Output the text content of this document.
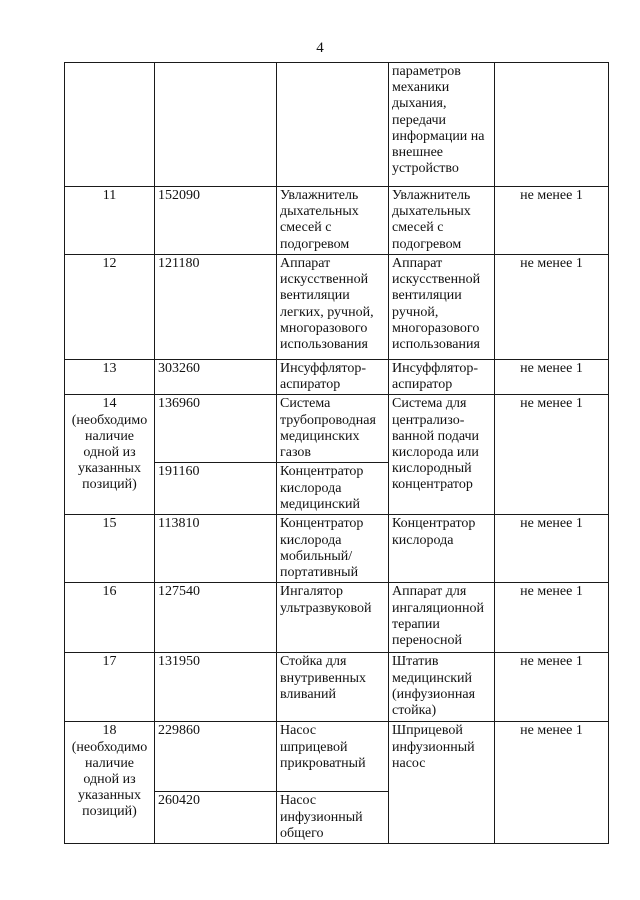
4
			параметров механики дыхания, передачи информации на внешнее устройство	
11	152090	Увлажнитель дыхательных смесей с подогревом	Увлажнитель дыхательных смесей с подогревом	не менее 1
12	121180	Аппарат искусственной вентиляции легких, ручной, многоразового использования	Аппарат искусственной вентиляции ручной, многоразового использования	не менее 1
13	303260	Инсуффлятор-аспиратор	Инсуффлятор-аспиратор	не менее 1
14 (необходимо наличие одной из указанных позиций)	136960	Система трубопроводная медицинских газов	Система для централизо-ванной подачи кислорода или кислородный концентратор	не менее 1
	191160	Концентратор кислорода медицинский		
15	113810	Концентратор кислорода мобильный/ портативный	Концентратор кислорода	не менее 1
16	127540	Ингалятор ультразвуковой	Аппарат для ингаляционной терапии переносной	не менее 1
17	131950	Стойка для внутривенных вливаний	Штатив медицинский (инфузионная стойка)	не менее 1
18 (необходимо наличие одной из указанных позиций)	229860	Насос шприцевой прикроватный	Шприцевой инфузионный насос	не менее 1
	260420	Насос инфузионный общего		
